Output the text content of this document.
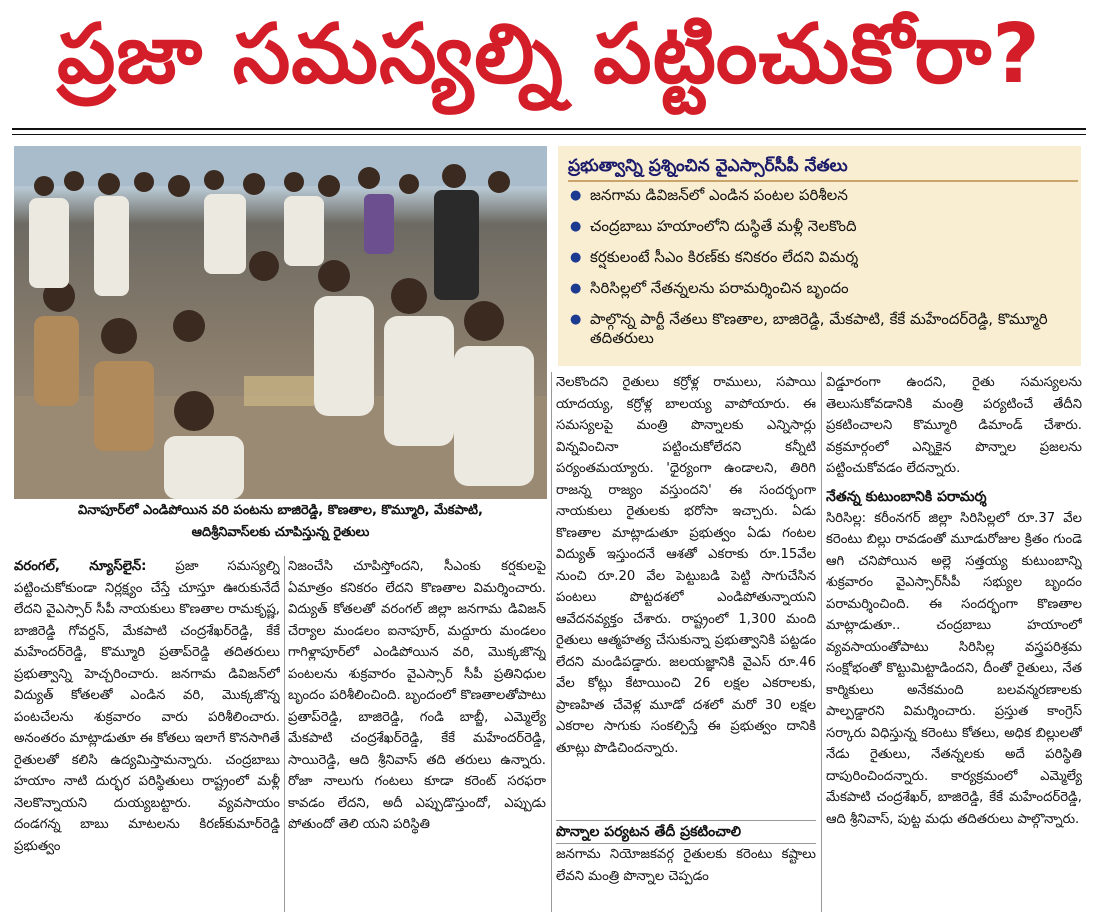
ప్రజా సమస్యల్ని పట్టించుకోరా?
వినాపూర్‌లో ఎండిపోయిన వరి పంటను బాజిరెడ్డి, కొణతాల, కొమ్మూరి, మేకపాటి,
ఆదిశ్రీనివాస్‌లకు చూపిస్తున్న రైతులు
ప్రభుత్వాన్ని ప్రశ్నించిన వైఎస్సార్‌సీపీ నేతలు
● జనగామ డివిజన్‌లో ఎండిన పంటల పరిశీలన
● చంద్రబాబు హయాంలోని దుస్థితే మళ్లీ నెలకొంది
● కర్షకులంటే సీఎం కిరణ్‌కు కనికరం లేదని విమర్శ
● సిరిసిల్లలో నేతన్నలను పరామర్శించిన బృందం
● పాల్గొన్న పార్టీ నేతలు కొణతాల, బాజిరెడ్డి, మేకపాటి, కేకే మహేందర్‌రెడ్డి, కొమ్మూరి తదితరులు

వరంగల్, న్యూస్‌లైన్: ప్రజా సమస్యల్ని పట్టించుకోకుండా నిర్లక్ష్యం చేస్తే చూస్తూ ఊరుకునేదే లేదని వైఎస్సార్ సీపీ నాయకులు కొణతాల రామకృష్ణ, బాజిరెడ్డి గోవర్దన్, మేకపాటి చంద్రశేఖర్‌రెడ్డి, కేకే మహేందర్‌రెడ్డి, కొమ్మూరి ప్రతాప్‌రెడ్డి తదితరులు ప్రభుత్వాన్ని హెచ్చరించారు. జనగామ డివిజన్‌లో విద్యుత్ కోతలతో ఎండిన వరి, మొక్కజొన్న పంటచేలను శుక్రవారం వారు పరిశీలించారు. అనంతరం మాట్లాడుతూ ఈ కోతలు ఇలాగే కొనసాగితే రైతులతో కలిసి ఉద్యమిస్తామన్నారు. చంద్రబాబు హయాం నాటి దుర్భర పరిస్థితులు రాష్ట్రంలో మళ్లీ నెలకొన్నాయని దుయ్యబట్టారు. వ్యవసాయం దండగన్న బాబు మాటలను కిరణ్‌కుమార్‌రెడ్డి ప్రభుత్వం

నిజంచేసి చూపిస్తోందని, సీఎంకు కర్షకులపై ఏమాత్రం కనికరం లేదని కొణతాల విమర్శించారు. విద్యుత్ కోతలతో వరంగల్ జిల్లా జనగామ డివిజన్ చేర్యాల మండలం ఐనాపూర్, మద్దూరు మండలం గాగిళ్లాపూర్‌లో ఎండిపోయిన వరి, మొక్కజొన్న పంటలను శుక్రవారం వైఎస్సార్ సీపీ ప్రతినిధుల బృందం పరిశీలించింది. బృందంలో కొణతాలతోపాటు ప్రతాప్‌రెడ్డి, బాజిరెడ్డి, గండి బాబ్జీ, ఎమ్మెల్యే మేకపాటి చంద్రశేఖర్‌రెడ్డి, కేకే మహేందర్‌రెడ్డి, సాయిరెడ్డి, ఆది శ్రీనివాస్ తది తరులు ఉన్నారు. రోజా నాలుగు గంటలు కూడా కరెంట్ సరఫరా కావడం లేదని, అదీ ఎప్పుడొస్తుందో, ఎప్పుడు పోతుందో తెలి యని పరిస్థితి

నెలకొందని రైతులు కర్రోళ్ల రాములు, సపాయి యాదయ్య, కర్రోళ్ల బాలయ్య వాపోయారు. ఈ సమస్యలపై మంత్రి పొన్నాలకు ఎన్నిసార్లు విన్నవించినా పట్టించుకోలేదని కన్నీటి పర్యంతమయ్యారు. 'ధైర్యంగా ఉండాలని, తిరిగి రాజన్న రాజ్యం వస్తుందని' ఈ సందర్భంగా నాయకులు రైతులకు భరోసా ఇచ్చారు. ఏడు కొణతాల మాట్లాడుతూ ప్రభుత్వం ఏడు గంటల విద్యుత్ ఇస్తుందనే ఆశతో ఎకరాకు రూ.15వేల నుంచి రూ.20 వేల పెట్టుబడి పెట్టి సాగుచేసిన పంటలు పొట్టదశలో ఎండిపోతున్నాయని ఆవేదనవ్యక్తం చేశారు. రాష్ట్రంలో 1,300 మంది రైతులు ఆత్మహత్య చేసుకున్నా ప్రభుత్వానికి పట్టడం లేదని మండిపడ్డారు. జలయజ్ఞానికి వైఎస్ రూ.46 వేల కోట్లు కేటాయించి 26 లక్షల ఎకరాలకు, ప్రాణహిత చేవెళ్ల మూడో దశలో మరో 30 లక్షల ఎకరాల సాగుకు సంకల్పిస్తే ఈ ప్రభుత్వం దానికి తూట్లు పొడిచిందన్నారు.

పొన్నాల పర్యటన తేదీ ప్రకటించాలి

జనగామ నియోజకవర్గ రైతులకు కరెంటు కష్టాలు లేవని మంత్రి పొన్నాల చెప్పడం

విడ్డూరంగా ఉందని, రైతు సమస్యలను తెలుసుకోవడానికి మంత్రి పర్యటించే తేదీని ప్రకటించాలని కొమ్మూరి డిమాండ్ చేశారు. వక్రమార్గంలో ఎన్నికైన పొన్నాల ప్రజలను పట్టించుకోవడం లేదన్నారు.

నేతన్న కుటుంబానికి పరామర్శ

సిరిసిల్ల: కరీంనగర్ జిల్లా సిరిసిల్లలో రూ.37 వేల కరెంటు బిల్లు రావడంతో మూడురోజుల క్రితం గుండె ఆగి చనిపోయిన అల్లె సత్తయ్య కుటుంబాన్ని శుక్రవారం వైఎస్సార్‌సీపీ సభ్యుల బృందం పరామర్శించింది. ఈ సందర్భంగా కొణతాల మాట్లాడుతూ.. చంద్రబాబు హయాంలో వ్యవసాయంతోపాటు సిరిసిల్ల వస్త్రపరిశ్రమ సంక్షోభంతో కొట్టుమిట్టాడిందని, దీంతో రైతులు, నేత కార్మికులు అనేకమంది బలవన్మరణాలకు పాల్పడ్డారని విమర్శించారు. ప్రస్తుత కాంగ్రెస్ సర్కారు విధిస్తున్న కరెంటు కోతలు, అధిక బిల్లులతో నేడు రైతులు, నేతన్నలకు అదే పరిస్థితి దాపురించిందన్నారు. కార్యక్రమంలో ఎమ్మెల్యే మేకపాటి చంద్రశేఖర్, బాజిరెడ్డి, కేకే మహేందర్‌రెడ్డి, ఆది శ్రీనివాస్, పుట్ట మధు తదితరులు పాల్గొన్నారు.
